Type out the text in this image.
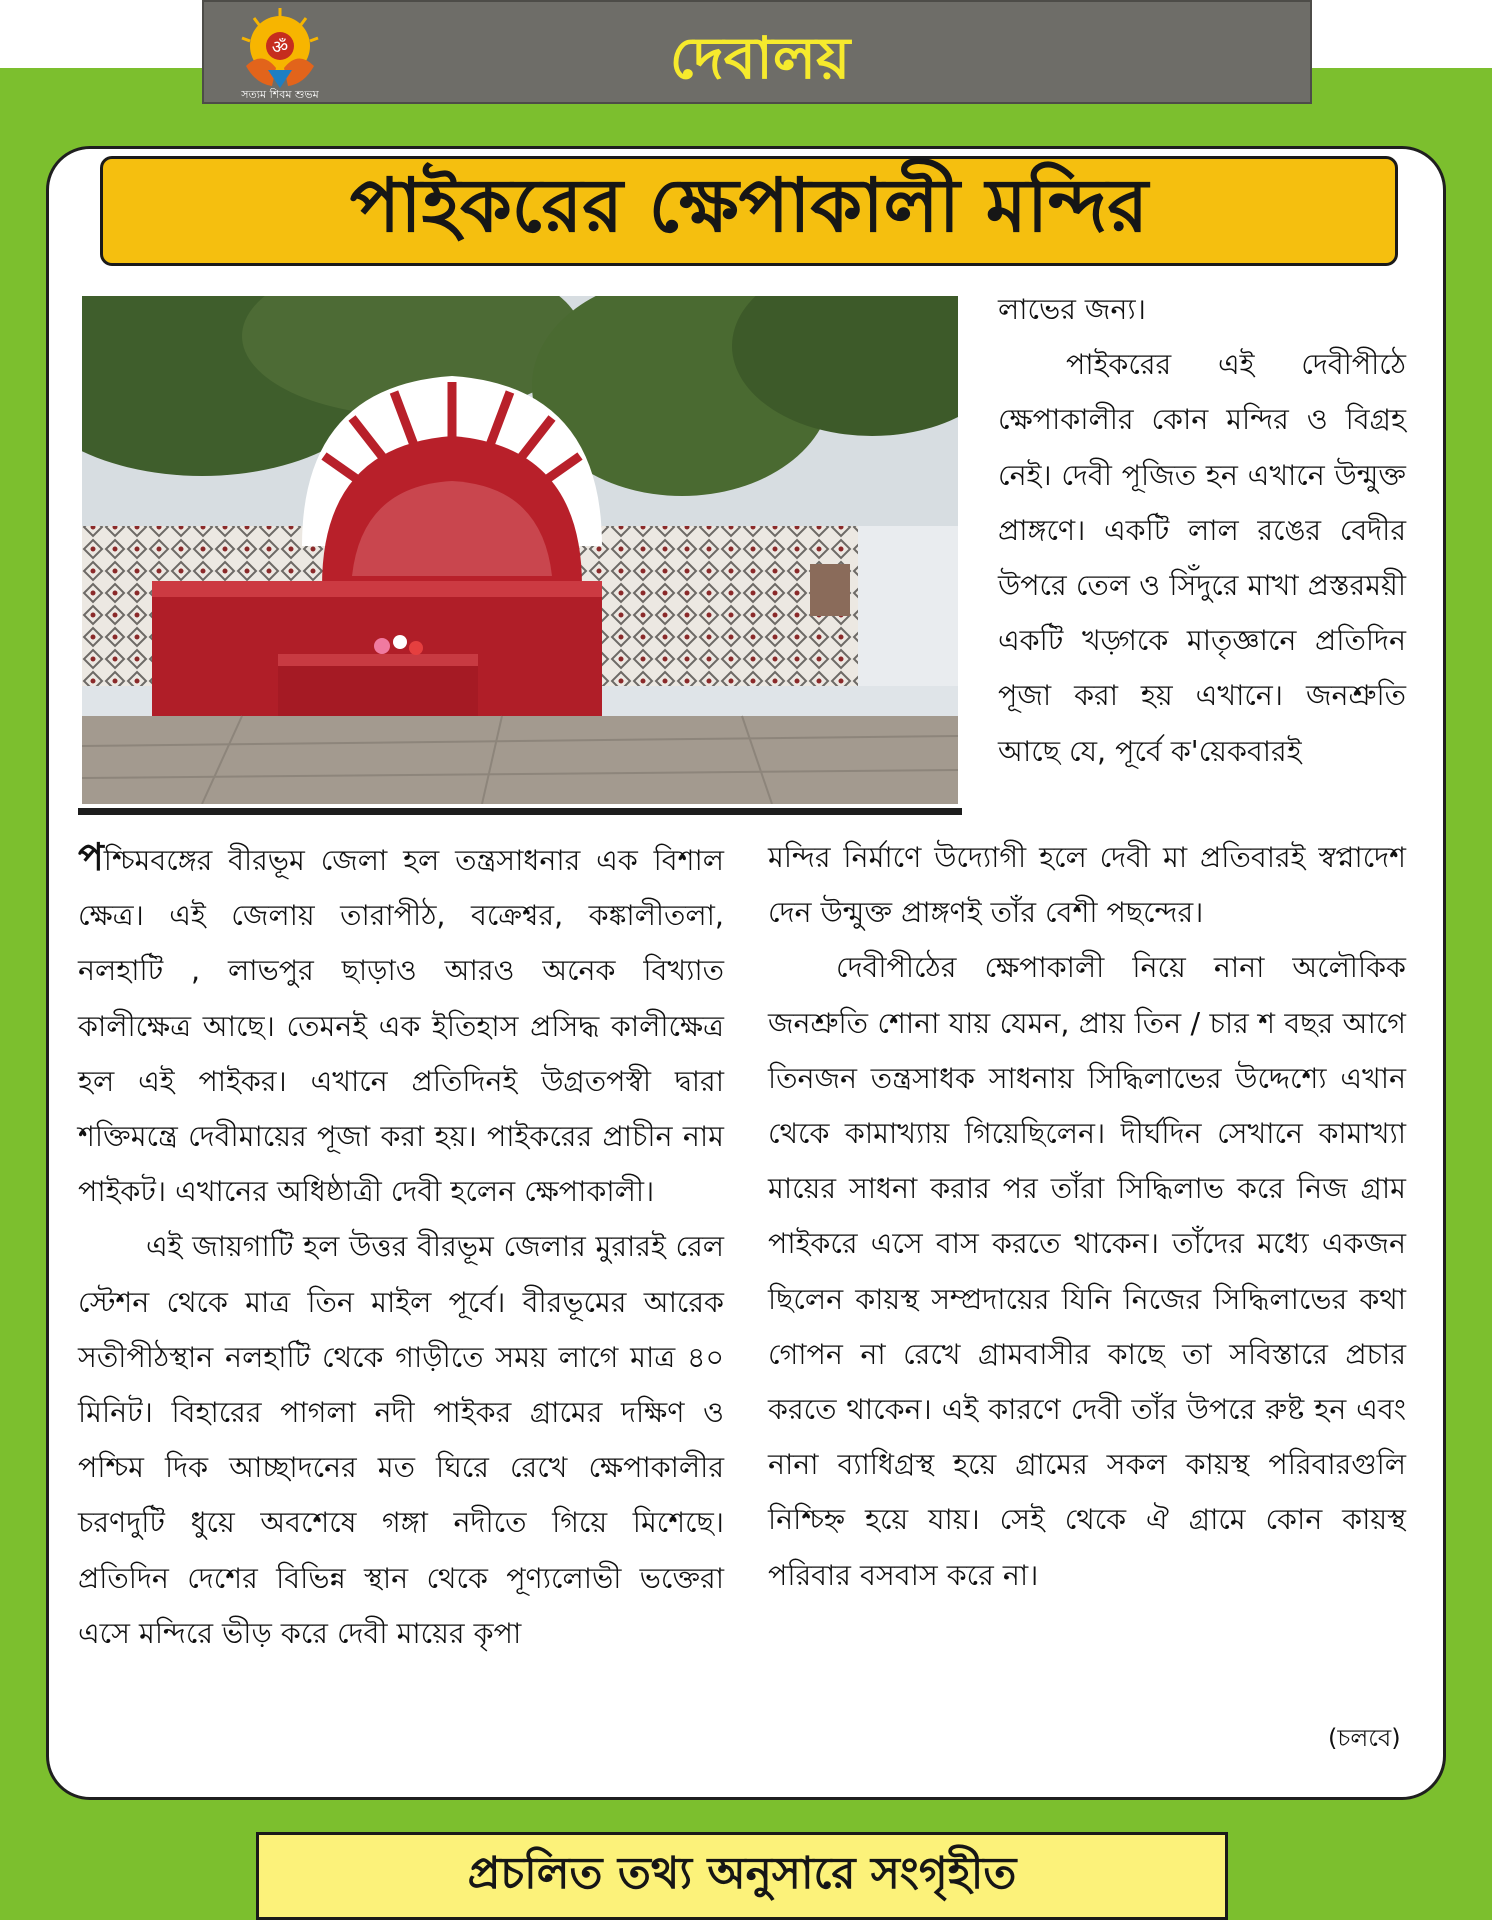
ॐ
সত্যম শিবম শুভম
দেবালয়
পাইকরের ক্ষেপাকালী মন্দির

লাভের জন্য।

পাইকরের এই দেবীপীঠে ক্ষেপাকালীর কোন মন্দির ও বিগ্রহ নেই। দেবী পূজিত হন এখানে উন্মুক্ত প্রাঙ্গণে। একটি লাল রঙের বেদীর উপরে তেল ও সিঁদুরে মাখা প্রস্তরময়ী একটি খড়্গকে মাতৃজ্ঞানে প্রতিদিন পূজা করা হয় এখানে। জনশ্রুতি আছে যে, পূর্বে ক'য়েকবারই

পশ্চিমবঙ্গের বীরভূম জেলা হল তন্ত্রসাধনার এক বিশাল ক্ষেত্র। এই জেলায় তারাপীঠ, বক্রেশ্বর, কঙ্কালীতলা, নলহাটি , লাভপুর ছাড়াও আরও অনেক বিখ্যাত কালীক্ষেত্র আছে। তেমনই এক ইতিহাস প্রসিদ্ধ কালীক্ষেত্র হল এই পাইকর। এখানে প্রতিদিনই উগ্রতপস্বী দ্বারা শক্তিমন্ত্রে দেবীমায়ের পূজা করা হয়। পাইকরের প্রাচীন নাম পাইকট। এখানের অধিষ্ঠাত্রী দেবী হলেন ক্ষেপাকালী।

এই জায়গাটি হল উত্তর বীরভূম জেলার মুরারই রেল স্টেশন থেকে মাত্র তিন মাইল পূর্বে। বীরভূমের আরেক সতীপীঠস্থান নলহাটি থেকে গাড়ীতে সময় লাগে মাত্র ৪০ মিনিট। বিহারের পাগলা নদী পাইকর গ্রামের দক্ষিণ ও পশ্চিম দিক আচ্ছাদনের মত ঘিরে রেখে ক্ষেপাকালীর চরণদুটি ধুয়ে অবশেষে গঙ্গা নদীতে গিয়ে মিশেছে। প্রতিদিন দেশের বিভিন্ন স্থান থেকে পূণ্যলোভী ভক্তেরা এসে মন্দিরে ভীড় করে দেবী মায়ের কৃপা

মন্দির নির্মাণে উদ্যোগী হলে দেবী মা প্রতিবারই স্বপ্নাদেশ দেন উন্মুক্ত প্রাঙ্গণই তাঁর বেশী পছন্দের।

দেবীপীঠের ক্ষেপাকালী নিয়ে নানা অলৌকিক জনশ্রুতি শোনা যায় যেমন, প্রায় তিন / চার শ বছর আগে তিনজন তন্ত্রসাধক সাধনায় সিদ্ধিলাভের উদ্দেশ্যে এখান থেকে কামাখ্যায় গিয়েছিলেন। দীর্ঘদিন সেখানে কামাখ্যা মায়ের সাধনা করার পর তাঁরা সিদ্ধিলাভ করে নিজ গ্রাম পাইকরে এসে বাস করতে থাকেন। তাঁদের মধ্যে একজন ছিলেন কায়স্থ সম্প্রদায়ের যিনি নিজের সিদ্ধিলাভের কথা গোপন না রেখে গ্রামবাসীর কাছে তা সবিস্তারে প্রচার করতে থাকেন। এই কারণে দেবী তাঁর উপরে রুষ্ট হন এবং নানা ব্যাধিগ্রস্থ হয়ে গ্রামের সকল কায়স্থ পরিবারগুলি নিশ্চিহ্ন হয়ে যায়। সেই থেকে ঐ গ্রামে কোন কায়স্থ পরিবার বসবাস করে না।

(চলবে)
প্রচলিত তথ্য অনুসারে সংগৃহীত
